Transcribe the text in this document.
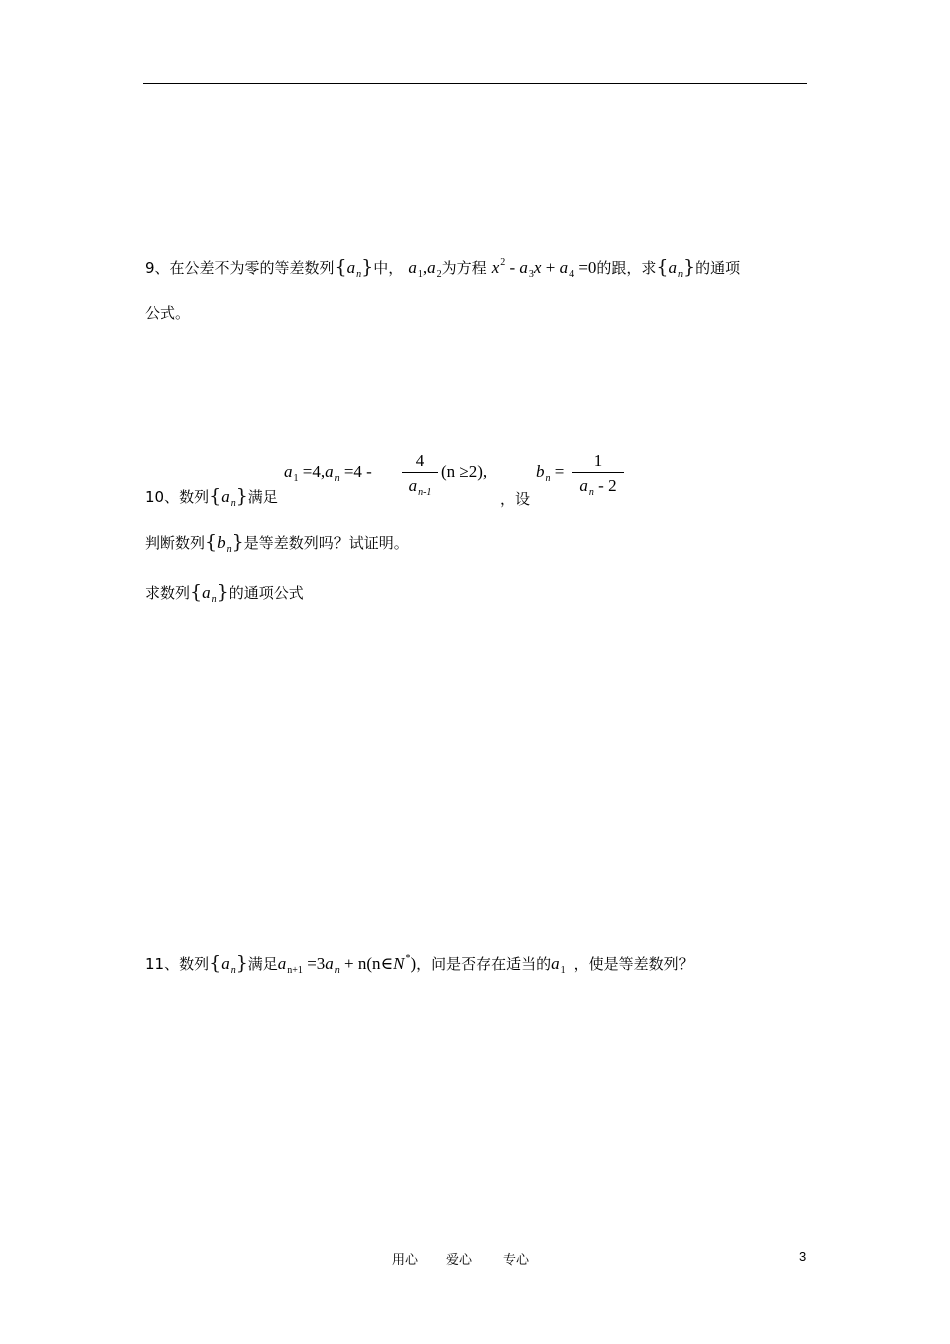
9、在公差不为零的等差数列$\{a_n\}$中， $a_1,a_2$为方程 $x^2 - a_3x + a_4 =0$的跟，求$\{a_n\}$的通项
公式。
$a_1 =4,a_n =4$ -
4
$a_{n-1}$
(n ≥2),
10、数列$\{a_n\}$满足	，设
$b_n$ =
1
$a_n - 2$
判断数列$\{b_n\}$是等差数列吗？试证明。
求数列$\{a_n\}$的通项公式
11、数列$\{a_n\}$满足$a_{n+1} =3a_n$ + n(n∈N*)，问是否存在适当的$a_1$ ，使是等差数列？
用心 爱心 专心	3
